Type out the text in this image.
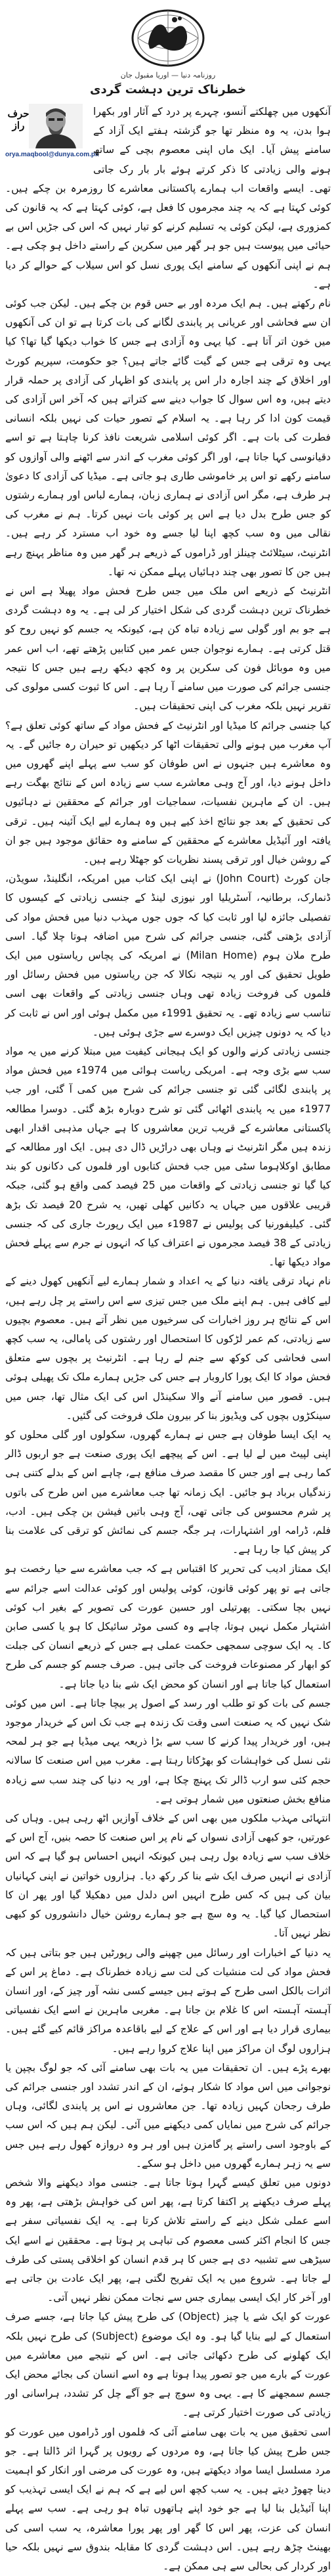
روزنامہ دنیا — اوریا مقبول جان
خطرناک ترین دہشت گردی
حرف راز
orya.maqbool@dunya.com.pk

آنکھوں میں چھلکتے آنسو، چہرے پر درد کے آثار اور بکھرا ہوا بدن، یہ وہ منظر تھا جو گزشتہ ہفتے ایک آزاد کے سامنے پیش آیا۔ ایک ماں اپنی معصوم بچی کے ساتھ ہونے والی زیادتی کا ذکر کرتے ہوئے بار بار رک جاتی تھی۔ ایسے واقعات اب ہمارے پاکستانی معاشرے کا روزمرہ بن چکے ہیں۔ کوئی کہتا ہے کہ یہ چند مجرموں کا فعل ہے، کوئی کہتا ہے کہ یہ قانون کی کمزوری ہے، لیکن کوئی یہ تسلیم کرنے کو تیار نہیں کہ اس کی جڑیں اس بے حیائی میں پیوست ہیں جو ہر گھر میں سکرین کے راستے داخل ہو چکی ہے۔ ہم نے اپنی آنکھوں کے سامنے ایک پوری نسل کو اس سیلاب کے حوالے کر دیا ہے۔

نام رکھتے ہیں۔ ہم ایک مردہ اور بے حس قوم بن چکے ہیں۔ لیکن جب کوئی ان سے فحاشی اور عریانی پر پابندی لگانے کی بات کرتا ہے تو ان کی آنکھوں میں خون اتر آتا ہے۔ کیا یہی وہ آزادی ہے جس کا خواب دیکھا گیا تھا؟ کیا یہی وہ ترقی ہے جس کے گیت گائے جاتے ہیں؟ جو حکومت، سپریم کورٹ اور اخلاق کے چند اجارہ دار اس پر پابندی کو اظہار کی آزادی پر حملہ قرار دیتے ہیں، وہ اس سوال کا جواب دینے سے کتراتے ہیں کہ آخر اس آزادی کی قیمت کون ادا کر رہا ہے۔ یہ اسلام کے تصور حیات کی نہیں بلکہ انسانی فطرت کی بات ہے۔ اگر کوئی اسلامی شریعت نافذ کرنا چاہتا ہے تو اسے دقیانوسی کہا جاتا ہے، اور اگر کوئی مغرب کے اندر سے اٹھنے والی آوازوں کو سامنے رکھے تو اس پر خاموشی طاری ہو جاتی ہے۔ میڈیا کی آزادی کا دعویٰ ہر طرف ہے، مگر اس آزادی نے ہماری زبان، ہمارے لباس اور ہمارے رشتوں کو جس طرح بدل دیا ہے اس پر کوئی بات نہیں کرتا۔ ہم نے مغرب کی نقالی میں وہ سب کچھ اپنا لیا جسے وہ خود اب مسترد کر رہے ہیں۔ انٹرنیٹ، سیٹلائٹ چینلز اور ڈراموں کے ذریعے ہر گھر میں وہ مناظر پہنچ رہے ہیں جن کا تصور بھی چند دہائیاں پہلے ممکن نہ تھا۔

انٹرنیٹ کے ذریعے اس ملک میں جس طرح فحش مواد پھیلا ہے اس نے خطرناک ترین دہشت گردی کی شکل اختیار کر لی ہے۔ یہ وہ دہشت گردی ہے جو بم اور گولی سے زیادہ تباہ کن ہے، کیونکہ یہ جسم کو نہیں روح کو قتل کرتی ہے۔ ہمارے نوجوان جس عمر میں کتابیں پڑھتے تھے، اب اس عمر میں وہ موبائل فون کی سکرین پر وہ کچھ دیکھ رہے ہیں جس کا نتیجہ جنسی جرائم کی صورت میں سامنے آ رہا ہے۔ اس کا ثبوت کسی مولوی کی تقریر نہیں بلکہ مغرب کی اپنی تحقیقات ہیں۔

کیا جنسی جرائم کا میڈیا اور انٹرنیٹ کے فحش مواد کے ساتھ کوئی تعلق ہے؟ آپ مغرب میں ہونے والی تحقیقات اٹھا کر دیکھیں تو حیران رہ جائیں گے۔ یہ وہ معاشرے ہیں جنہوں نے اس طوفان کو سب سے پہلے اپنے گھروں میں داخل ہونے دیا، اور آج وہی معاشرے سب سے زیادہ اس کے نتائج بھگت رہے ہیں۔ ان کے ماہرین نفسیات، سماجیات اور جرائم کے محققین نے دہائیوں کی تحقیق کے بعد جو نتائج اخذ کیے ہیں وہ ہمارے لیے ایک آئینہ ہیں۔ ترقی یافتہ اور آئیڈیل معاشرے کے محققین کے سامنے وہ حقائق موجود ہیں جو ان کے روشن خیال اور ترقی پسند نظریات کو جھٹلا رہے ہیں۔

جان کورٹ (John Court) نے اپنی ایک کتاب میں امریکہ، انگلینڈ، سویڈن، ڈنمارک، برطانیہ، آسٹریلیا اور نیوزی لینڈ کے جنسی زیادتی کے کیسوں کا تفصیلی جائزہ لیا اور ثابت کیا کہ جوں جوں مہذب دنیا میں فحش مواد کی آزادی بڑھتی گئی، جنسی جرائم کی شرح میں اضافہ ہوتا چلا گیا۔ اسی طرح ملان ہوم (Milan Home) نے امریکہ کی پچاس ریاستوں میں ایک طویل تحقیق کی اور یہ نتیجہ نکالا کہ جن ریاستوں میں فحش رسائل اور فلموں کی فروخت زیادہ تھی وہاں جنسی زیادتی کے واقعات بھی اسی تناسب سے زیادہ تھے۔ یہ تحقیق 1991ء میں مکمل ہوئی اور اس نے ثابت کر دیا کہ یہ دونوں چیزیں ایک دوسرے سے جڑی ہوئی ہیں۔

جنسی زیادتی کرنے والوں کو ایک ہیجانی کیفیت میں مبتلا کرنے میں یہ مواد سب سے بڑی وجہ ہے۔ امریکی ریاست ہوائی میں 1974ء میں فحش مواد پر پابندی لگائی گئی تو جنسی جرائم کی شرح میں کمی آ گئی، اور جب 1977ء میں یہ پابندی اٹھائی گئی تو شرح دوبارہ بڑھ گئی۔ دوسرا مطالعہ پاکستانی معاشرے کے قریب ترین معاشروں کا ہے جہاں مذہبی اقدار ابھی زندہ ہیں مگر انٹرنیٹ نے وہاں بھی دراڑیں ڈال دی ہیں۔ ایک اور مطالعہ کے مطابق اوکلاہوما سٹی میں جب فحش کتابوں اور فلموں کی دکانوں کو بند کیا گیا تو جنسی زیادتی کے واقعات میں 25 فیصد کمی واقع ہو گئی، جبکہ قریبی علاقوں میں جہاں یہ دکانیں کھلی تھیں، یہ شرح 20 فیصد تک بڑھ گئی۔ کیلیفورنیا کی پولیس نے 1987ء میں ایک رپورٹ جاری کی کہ جنسی زیادتی کے 38 فیصد مجرموں نے اعتراف کیا کہ انہوں نے جرم سے پہلے فحش مواد دیکھا تھا۔

نام نہاد ترقی یافتہ دنیا کے یہ اعداد و شمار ہمارے لیے آنکھیں کھول دینے کے لیے کافی ہیں۔ ہم اپنے ملک میں جس تیزی سے اس راستے پر چل رہے ہیں، اس کے نتائج ہر روز اخبارات کی سرخیوں میں نظر آتے ہیں۔ معصوم بچیوں سے زیادتی، کم عمر لڑکوں کا استحصال اور رشتوں کی پامالی، یہ سب کچھ اسی فحاشی کی کوکھ سے جنم لے رہا ہے۔ انٹرنیٹ پر بچوں سے متعلق فحش مواد کا ایک پورا کاروبار ہے جس کی جڑیں ہمارے ملک تک پھیلی ہوئی ہیں۔ قصور میں سامنے آنے والا سکینڈل اس کی ایک مثال تھا، جس میں سینکڑوں بچوں کی ویڈیوز بنا کر بیرون ملک فروخت کی گئیں۔

یہ ایک ایسا طوفان ہے جس نے ہمارے گھروں، سکولوں اور گلی محلوں کو اپنی لپیٹ میں لے لیا ہے۔ اس کے پیچھے ایک پوری صنعت ہے جو اربوں ڈالر کما رہی ہے اور جس کا مقصد صرف منافع ہے، چاہے اس کے بدلے کتنی ہی زندگیاں برباد ہو جائیں۔ ایک زمانہ تھا جب معاشرے میں اس طرح کی باتوں پر شرم محسوس کی جاتی تھی، آج وہی باتیں فیشن بن چکی ہیں۔ ادب، فلم، ڈرامہ اور اشتہارات، ہر جگہ جسم کی نمائش کو ترقی کی علامت بنا کر پیش کیا جا رہا ہے۔

ایک ممتاز ادیب کی تحریر کا اقتباس ہے کہ جب معاشرے سے حیا رخصت ہو جاتی ہے تو پھر کوئی قانون، کوئی پولیس اور کوئی عدالت اسے جرائم سے نہیں بچا سکتی۔ پھرتیلی اور حسین عورت کی تصویر کے بغیر اب کوئی اشتہار مکمل نہیں ہوتا، چاہے وہ کسی موٹر سائیکل کا ہو یا کسی صابن کا۔ یہ ایک سوچی سمجھی حکمت عملی ہے جس کے ذریعے انسان کی جبلت کو ابھار کر مصنوعات فروخت کی جاتی ہیں۔ صرف جسم کو جسم کی طرح استعمال کیا جاتا ہے اور انسان کو محض ایک شے بنا دیا جاتا ہے۔

جسم کی بات کو تو طلب اور رسد کے اصول پر بیچا جاتا ہے۔ اس میں کوئی شک نہیں کہ یہ صنعت اسی وقت تک زندہ ہے جب تک اس کے خریدار موجود ہیں، اور خریدار پیدا کرنے کا سب سے بڑا ذریعہ یہی میڈیا ہے جو ہر لمحہ نئی نسل کی خواہشات کو بھڑکاتا رہتا ہے۔ مغرب میں اس صنعت کا سالانہ حجم کئی سو ارب ڈالر تک پہنچ چکا ہے، اور یہ دنیا کی چند سب سے زیادہ منافع بخش صنعتوں میں شمار ہوتی ہے۔

انتہائی مہذب ملکوں میں بھی اس کے خلاف آوازیں اٹھ رہی ہیں۔ وہاں کی عورتیں، جو کبھی آزادی نسواں کے نام پر اس صنعت کا حصہ بنیں، آج اس کے خلاف سب سے زیادہ بول رہی ہیں کیونکہ انہیں احساس ہو گیا ہے کہ اس آزادی نے انہیں صرف ایک شے بنا کر رکھ دیا۔ ہزاروں خواتین نے اپنی کہانیاں بیان کی ہیں کہ کس طرح انہیں اس دلدل میں دھکیلا گیا اور پھر ان کا استحصال کیا گیا۔ یہ وہ سچ ہے جو ہمارے روشن خیال دانشوروں کو کبھی نظر نہیں آتا۔

یہ دنیا کے اخبارات اور رسائل میں چھپنے والی رپورٹیں ہیں جو بتاتی ہیں کہ فحش مواد کی لت منشیات کی لت سے زیادہ خطرناک ہے۔ دماغ پر اس کے اثرات بالکل اسی طرح کے ہوتے ہیں جیسے کسی نشہ آور چیز کے، اور انسان آہستہ آہستہ اس کا غلام بن جاتا ہے۔ مغربی ماہرین نے اسے ایک نفسیاتی بیماری قرار دیا ہے اور اس کے علاج کے لیے باقاعدہ مراکز قائم کیے گئے ہیں۔ ہزاروں لوگ ان مراکز میں اپنا علاج کروا رہے ہیں۔

بھرے پڑے ہیں۔ ان تحقیقات میں یہ بات بھی سامنے آئی کہ جو لوگ بچپن یا نوجوانی میں اس مواد کا شکار ہوئے، ان کے اندر تشدد اور جنسی جرائم کی طرف رجحان کہیں زیادہ تھا۔ جن معاشروں نے اس پر پابندی لگائی، وہاں جرائم کی شرح میں نمایاں کمی دیکھنے میں آئی۔ لیکن ہم ہیں کہ اس سب کے باوجود اسی راستے پر گامزن ہیں اور ہر وہ دروازہ کھول رہے ہیں جس سے یہ زہر ہمارے گھروں میں داخل ہو سکے۔

دونوں میں تعلق کیسے گہرا ہوتا جاتا ہے۔ جنسی مواد دیکھنے والا شخص پہلے صرف دیکھنے پر اکتفا کرتا ہے، پھر اس کی خواہش بڑھتی ہے، پھر وہ اسے عملی شکل دینے کے راستے تلاش کرتا ہے۔ یہ ایک نفسیاتی سفر ہے جس کا انجام اکثر کسی معصوم کی تباہی پر ہوتا ہے۔ محققین نے اسے ایک سیڑھی سے تشبیہ دی ہے جس کا ہر قدم انسان کو اخلاقی پستی کی طرف لے جاتا ہے۔ شروع میں یہ ایک تفریح لگتی ہے، پھر ایک عادت بن جاتی ہے اور آخر کار ایک ایسی بیماری جس سے نجات ممکن نظر نہیں آتی۔

عورت کو ایک شے یا چیز (Object) کی طرح پیش کیا جاتا ہے، جسے صرف استعمال کے لیے بنایا گیا ہو۔ وہ ایک موضوع (Subject) کی طرح نہیں بلکہ ایک کھلونے کی طرح دکھائی جاتی ہے۔ اس کے نتیجے میں معاشرے میں عورت کے بارے میں جو تصور پیدا ہوتا ہے وہ اسے انسان کی بجائے محض ایک جسم سمجھنے کا ہے۔ یہی وہ سوچ ہے جو آگے چل کر تشدد، ہراسانی اور زیادتی کی صورت اختیار کرتی ہے۔

اسی تحقیق میں یہ بات بھی سامنے آئی کہ فلموں اور ڈراموں میں عورت کو جس طرح پیش کیا جاتا ہے، وہ مردوں کے رویوں پر گہرا اثر ڈالتا ہے۔ جو مرد مسلسل ایسا مواد دیکھتے ہیں، وہ عورت کی مرضی اور انکار کو اہمیت دینا چھوڑ دیتے ہیں۔ یہ سب کچھ اس لیے ہے کہ ہم نے ایک ایسی تہذیب کو اپنا آئیڈیل بنا لیا ہے جو خود اپنے ہاتھوں تباہ ہو رہی ہے۔ سب سے پہلے انسان کی عزت، پھر اس کا گھر اور پھر پورا معاشرہ، یہ سب اسی کی بھینٹ چڑھ رہے ہیں۔ اس دہشت گردی کا مقابلہ بندوق سے نہیں بلکہ حیا اور کردار کی بحالی سے ہی ممکن ہے۔
